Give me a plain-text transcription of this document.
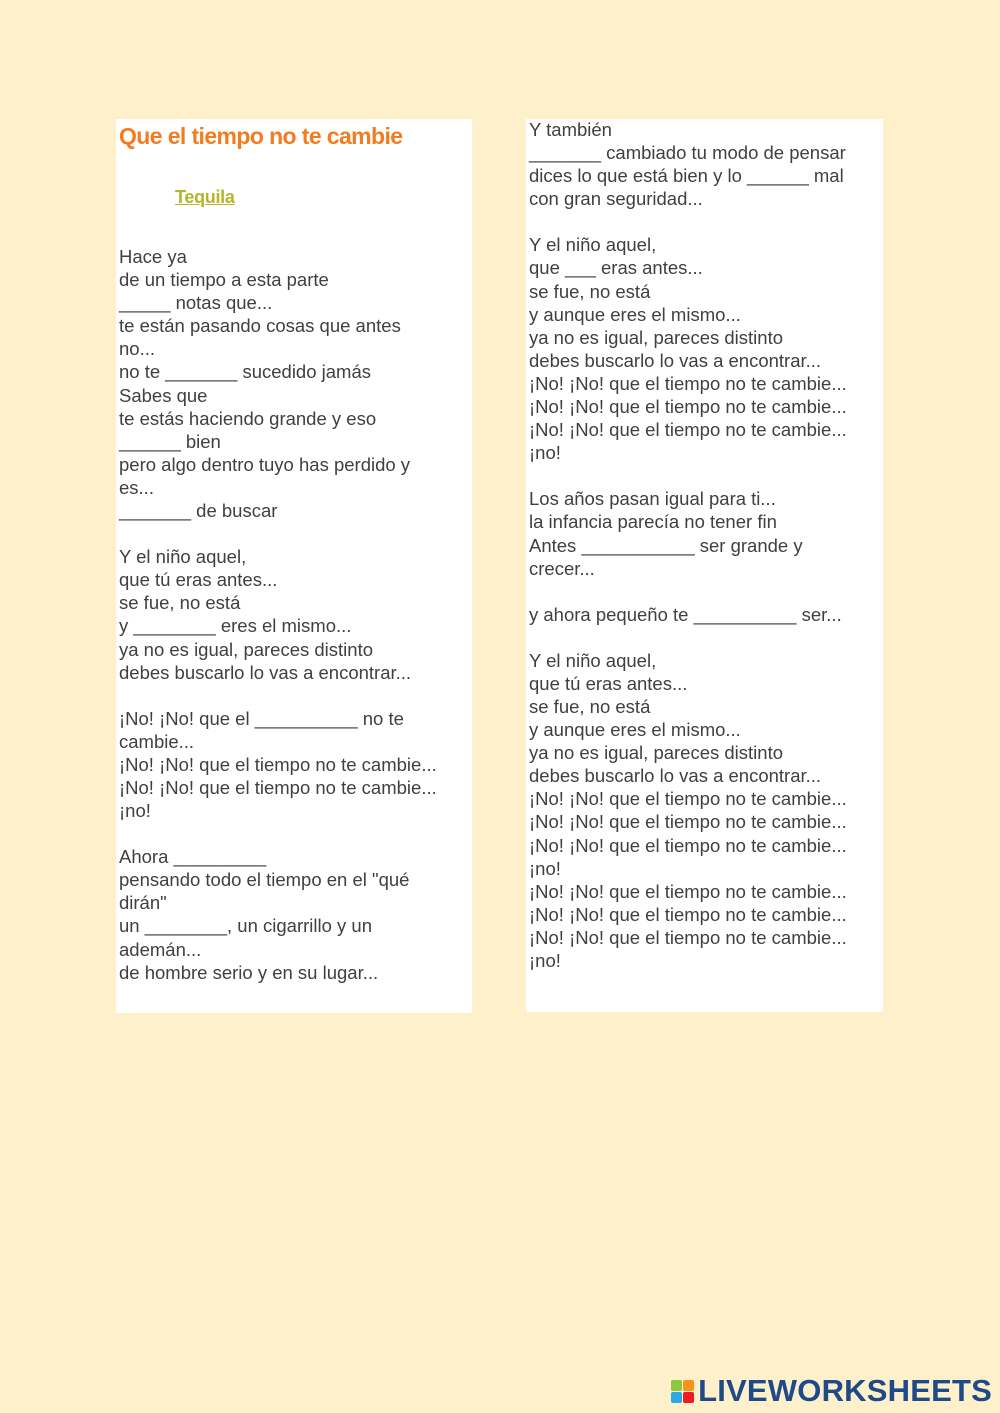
Que el tiempo no te cambie
Tequila
Hace ya
de un tiempo a esta parte
_____ notas que...
te están pasando cosas que antes
no...
no te _______ sucedido jamás
Sabes que
te estás haciendo grande y eso
______ bien
pero algo dentro tuyo has perdido y
es...
_______ de buscar
Y el niño aquel,
que tú eras antes...
se fue, no está
y ________ eres el mismo...
ya no es igual, pareces distinto
debes buscarlo lo vas a encontrar...
¡No! ¡No! que el __________ no te
cambie...
¡No! ¡No! que el tiempo no te cambie...
¡No! ¡No! que el tiempo no te cambie...
¡no!
Ahora _________
pensando todo el tiempo en el "qué
dirán"
un ________, un cigarrillo y un
ademán...
de hombre serio y en su lugar...
Y también
_______ cambiado tu modo de pensar
dices lo que está bien y lo ______ mal
con gran seguridad...
Y el niño aquel,
que ___ eras antes...
se fue, no está
y aunque eres el mismo...
ya no es igual, pareces distinto
debes buscarlo lo vas a encontrar...
¡No! ¡No! que el tiempo no te cambie...
¡No! ¡No! que el tiempo no te cambie...
¡No! ¡No! que el tiempo no te cambie...
¡no!
Los años pasan igual para ti...
la infancia parecía no tener fin
Antes ___________ ser grande y
crecer...
y ahora pequeño te __________ ser...
Y el niño aquel,
que tú eras antes...
se fue, no está
y aunque eres el mismo...
ya no es igual, pareces distinto
debes buscarlo lo vas a encontrar...
¡No! ¡No! que el tiempo no te cambie...
¡No! ¡No! que el tiempo no te cambie...
¡No! ¡No! que el tiempo no te cambie...
¡no!
¡No! ¡No! que el tiempo no te cambie...
¡No! ¡No! que el tiempo no te cambie...
¡No! ¡No! que el tiempo no te cambie...
¡no!
LIVEWORKSHEETS
